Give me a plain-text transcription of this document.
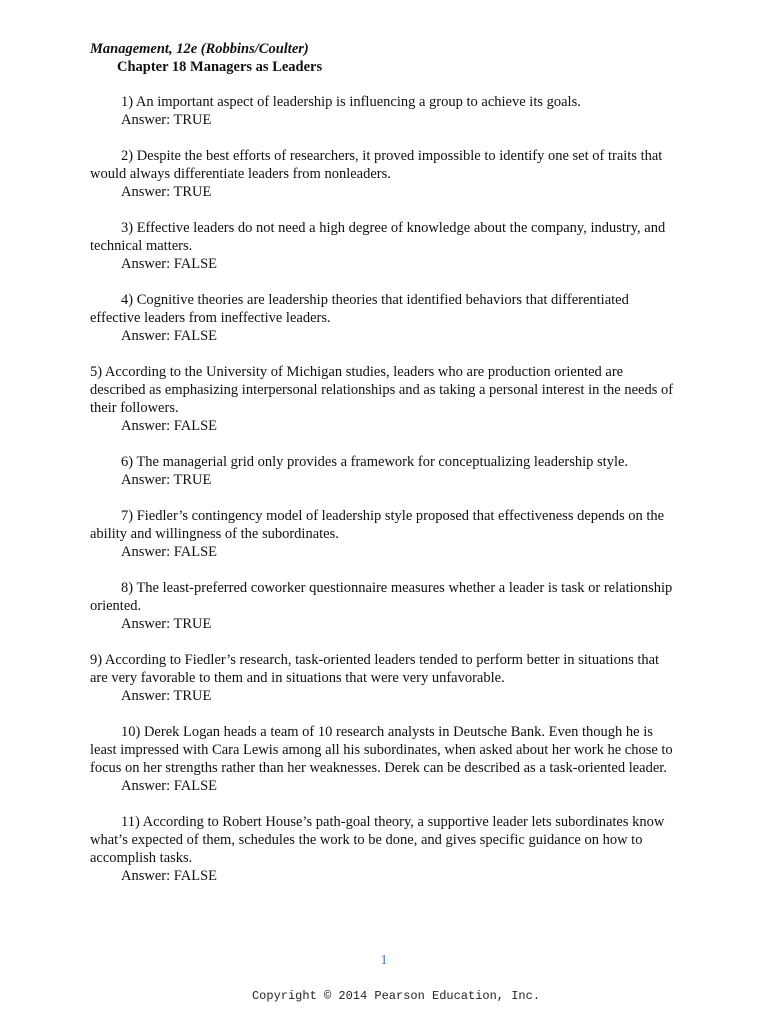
Management, 12e (Robbins/Coulter)
Chapter 18 Managers as Leaders

1) An important aspect of leadership is influencing a group to achieve its goals.

Answer: TRUE

2) Despite the best efforts of researchers, it proved impossible to identify one set of traits that would always differentiate leaders from nonleaders.

Answer: TRUE

3) Effective leaders do not need a high degree of knowledge about the company, industry, and technical matters.

Answer: FALSE

4) Cognitive theories are leadership theories that identified behaviors that differentiated effective leaders from ineffective leaders.

Answer: FALSE

5) According to the University of Michigan studies, leaders who are production oriented are described as emphasizing interpersonal relationships and as taking a personal interest in the needs of their followers.

Answer: FALSE

6) The managerial grid only provides a framework for conceptualizing leadership style.

Answer: TRUE

7) Fiedler’s contingency model of leadership style proposed that effectiveness depends on the ability and willingness of the subordinates.

Answer: FALSE

8) The least-preferred coworker questionnaire measures whether a leader is task or relationship oriented.

Answer: TRUE

9) According to Fiedler’s research, task-oriented leaders tended to perform better in situations that are very favorable to them and in situations that were very unfavorable.

Answer: TRUE

10) Derek Logan heads a team of 10 research analysts in Deutsche Bank. Even though he is least impressed with Cara Lewis among all his subordinates, when asked about her work he chose to focus on her strengths rather than her weaknesses. Derek can be described as a task-oriented leader.

Answer: FALSE

11) According to Robert House’s path-goal theory, a supportive leader lets subordinates know what’s expected of them, schedules the work to be done, and gives specific guidance on how to accomplish tasks.

Answer: FALSE
1
Copyright © 2014 Pearson Education, Inc.
